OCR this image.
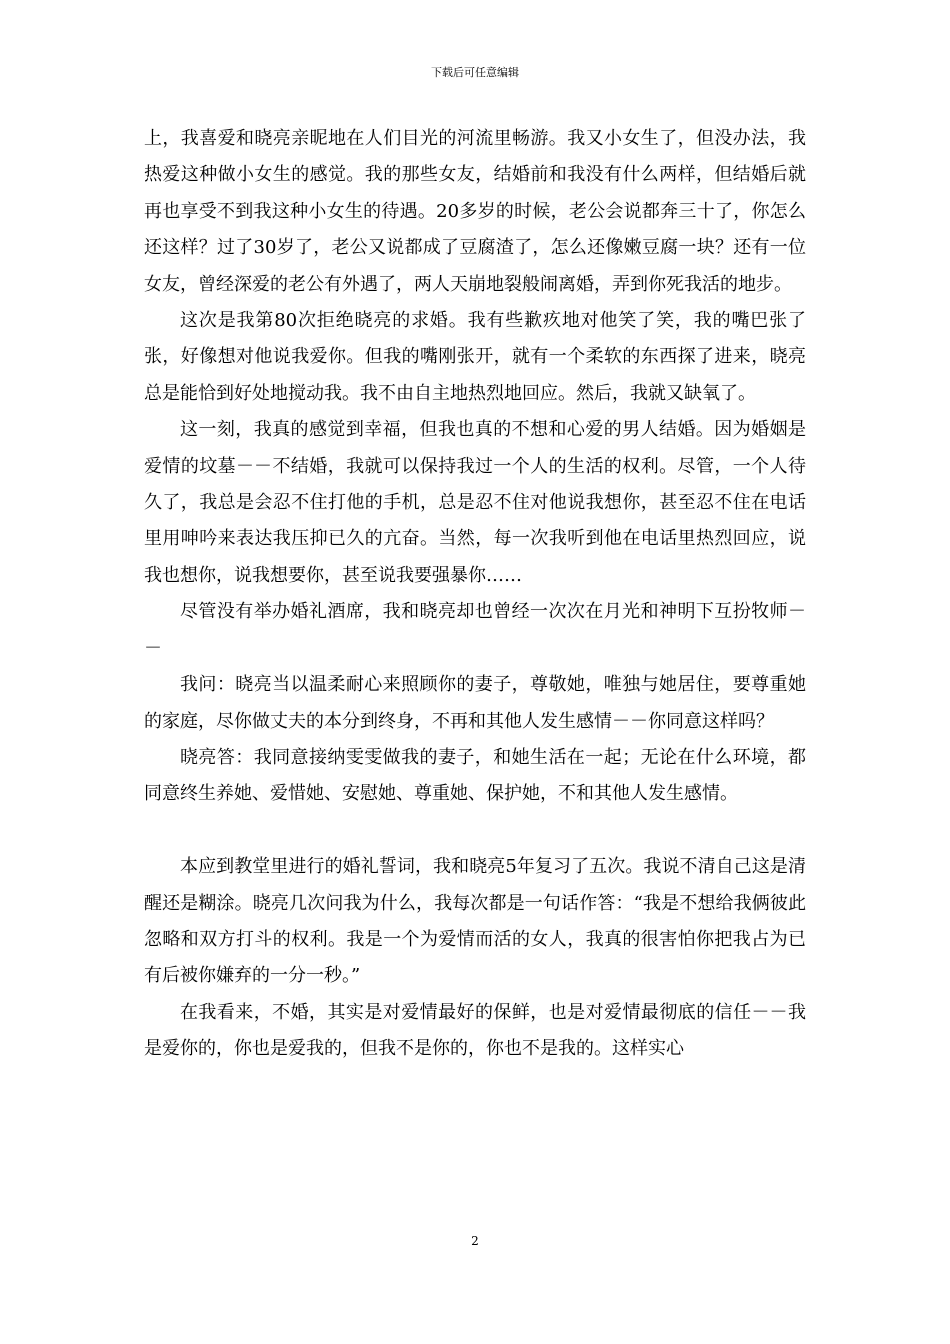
下载后可任意编辑

上，我喜爱和晓亮亲昵地在人们目光的河流里畅游。我又小女生了，但没办法，我热爱这种做小女生的感觉。我的那些女友，结婚前和我没有什么两样，但结婚后就再也享受不到我这种小女生的待遇。20多岁的时候，老公会说都奔三十了，你怎么还这样？过了30岁了，老公又说都成了豆腐渣了，怎么还像嫩豆腐一块？还有一位女友，曾经深爱的老公有外遇了，两人天崩地裂般闹离婚，弄到你死我活的地步。

这次是我第80次拒绝晓亮的求婚。我有些歉疚地对他笑了笑，我的嘴巴张了张，好像想对他说我爱你。但我的嘴刚张开，就有一个柔软的东西探了进来，晓亮总是能恰到好处地搅动我。我不由自主地热烈地回应。然后，我就又缺氧了。

这一刻，我真的感觉到幸福，但我也真的不想和心爱的男人结婚。因为婚姻是爱情的坟墓－－不结婚，我就可以保持我过一个人的生活的权利。尽管，一个人待久了，我总是会忍不住打他的手机，总是忍不住对他说我想你，甚至忍不住在电话里用呻吟来表达我压抑已久的亢奋。当然，每一次我听到他在电话里热烈回应，说我也想你，说我想要你，甚至说我要强暴你……

尽管没有举办婚礼酒席，我和晓亮却也曾经一次次在月光和神明下互扮牧师－－

我问：晓亮当以温柔耐心来照顾你的妻子，尊敬她，唯独与她居住，要尊重她的家庭，尽你做丈夫的本分到终身，不再和其他人发生感情－－你同意这样吗？

晓亮答：我同意接纳雯雯做我的妻子，和她生活在一起；无论在什么环境，都同意终生养她、爱惜她、安慰她、尊重她、保护她，不和其他人发生感情。

本应到教堂里进行的婚礼誓词，我和晓亮5年复习了五次。我说不清自己这是清醒还是糊涂。晓亮几次问我为什么，我每次都是一句话作答：“我是不想给我俩彼此忽略和双方打斗的权利。我是一个为爱情而活的女人，我真的很害怕你把我占为已有后被你嫌弃的一分一秒。”

在我看来，不婚，其实是对爱情最好的保鲜，也是对爱情最彻底的信任－－我是爱你的，你也是爱我的，但我不是你的，你也不是我的。这样实心

2
